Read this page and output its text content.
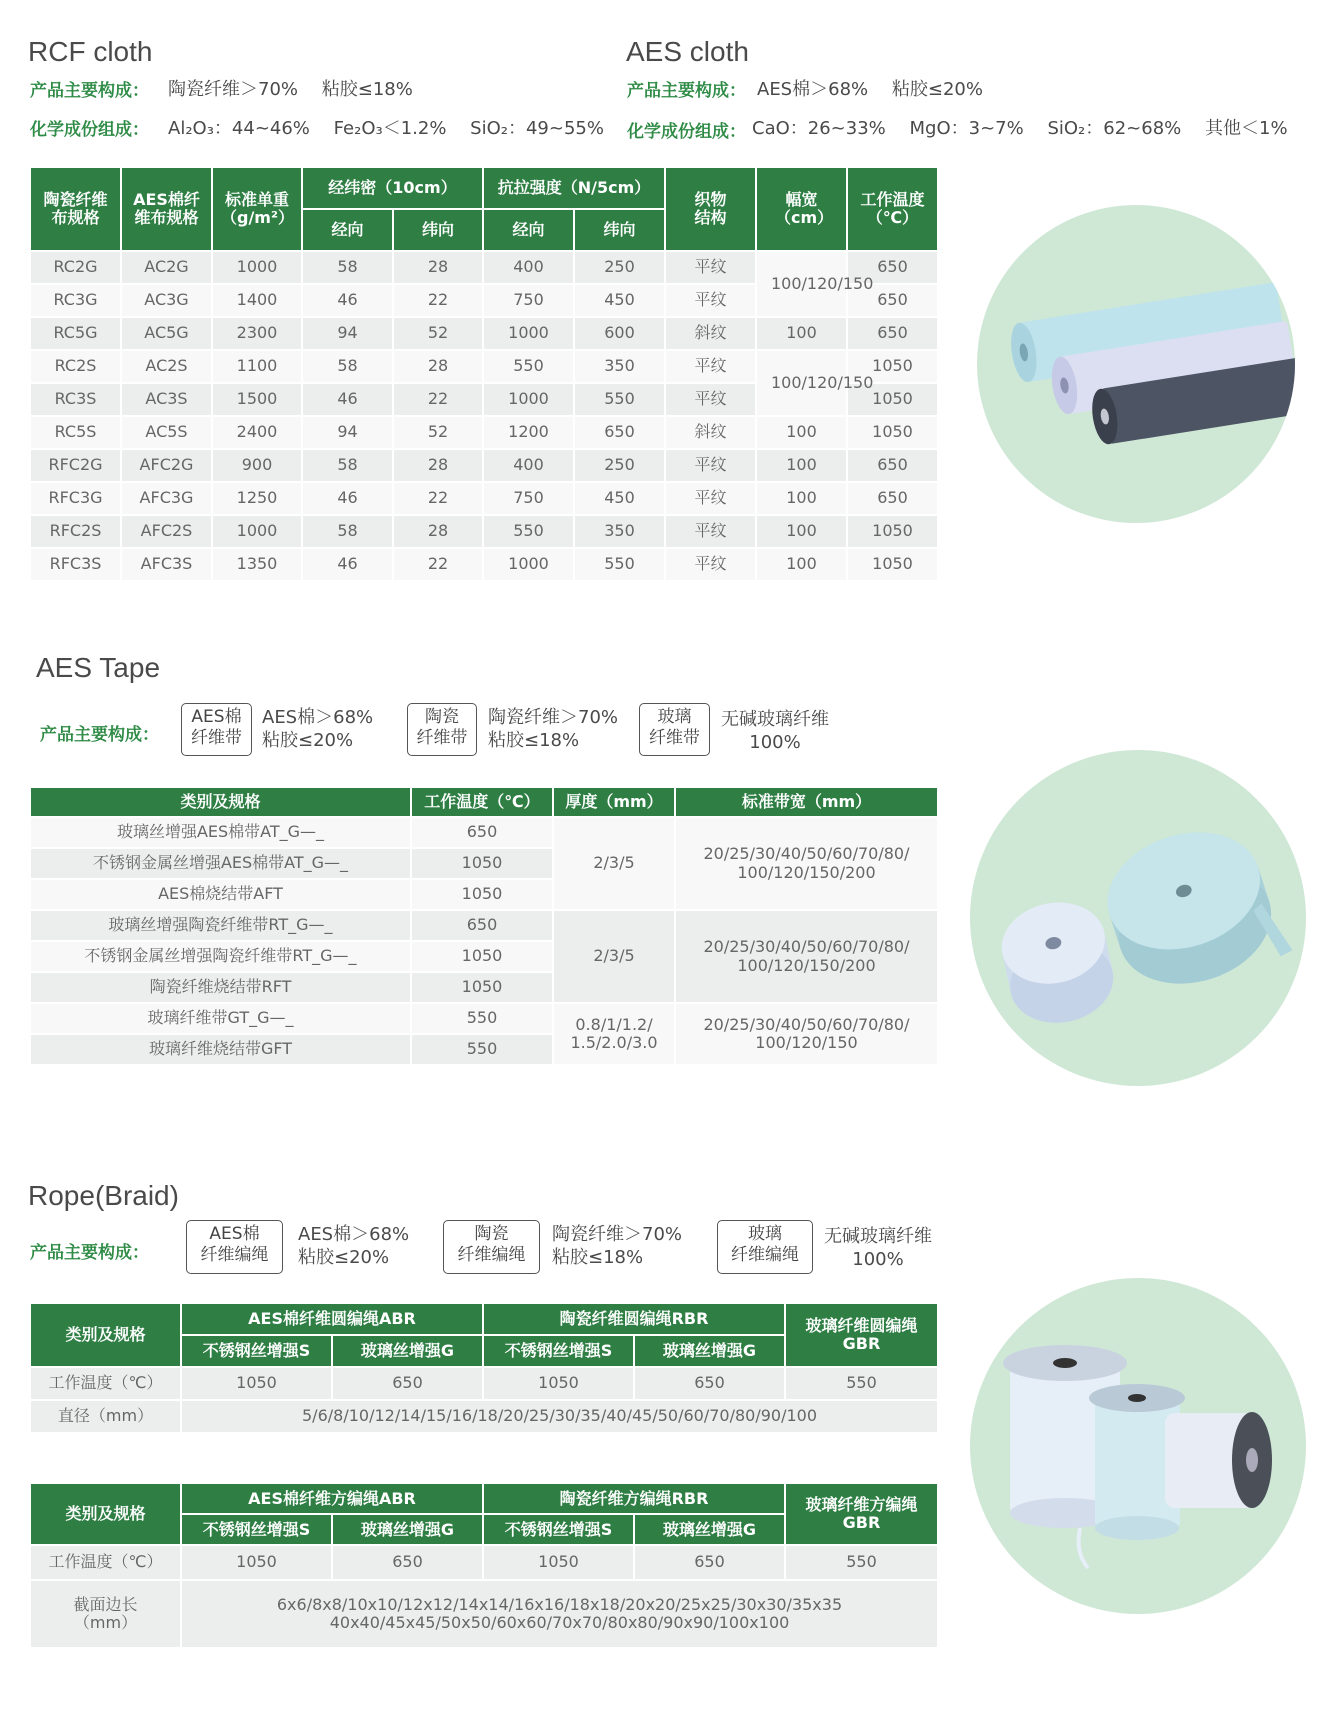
RCF cloth
产品主要构成： 陶瓷纤维＞70% 粘胶≤18%
化学成份组成： Al₂O₃：44~46% Fe₂O₃＜1.2% SiO₂：49~55%
AES cloth
产品主要构成： AES棉＞68% 粘胶≤20%
化学成份组成： CaO：26~33% MgO：3~7% SiO₂：62~68% 其他＜1%
陶瓷纤维布规格	AES棉纤维布规格	标准单重（g/m²）	经纬密（10cm）		抗拉强度（N/5cm）		织物结构	幅宽（cm）	工作温度（℃）
			经向	纬向	经向	纬向			
RC2G	AC2G	1000	58	28	400	250	平纹	100/120/150	650
RC3G	AC3G	1400	46	22	750	450	平纹		650
RC5G	AC5G	2300	94	52	1000	600	斜纹	100	650
RC2S	AC2S	1100	58	28	550	350	平纹	100/120/150	1050
RC3S	AC3S	1500	46	22	1000	550	平纹		1050
RC5S	AC5S	2400	94	52	1200	650	斜纹	100	1050
RFC2G	AFC2G	900	58	28	400	250	平纹	100	650
RFC3G	AFC3G	1250	46	22	750	450	平纹	100	650
RFC2S	AFC2S	1000	58	28	550	350	平纹	100	1050
RFC3S	AFC3S	1350	46	22	1000	550	平纹	100	1050
AES Tape
产品主要构成：
AES棉
纤维带
AES棉＞68%
粘胶≤20%
陶瓷
纤维带
陶瓷纤维＞70%
粘胶≤18%
玻璃
纤维带
无碱玻璃纤维
100%
类别及规格	工作温度（℃）	厚度（mm）	标准带宽（mm）
玻璃丝增强AES棉带AT_G—_	650	2/3/5	20/25/30/40/50/60/70/80/
100/120/150/200

不锈钢金属丝增强AES棉带AT_G—_	1050		
AES棉烧结带AFT	1050		
玻璃丝增强陶瓷纤维带RT_G—_	650	2/3/5	20/25/30/40/50/60/70/80/
100/120/150/200

不锈钢金属丝增强陶瓷纤维带RT_G—_	1050		
陶瓷纤维烧结带RFT	1050		
玻璃纤维带GT_G—_	550	0.8/1/1.2/
1.5/2.0/3.0	20/25/30/40/50/60/70/80/
100/120/150

玻璃纤维烧结带GFT	550		
Rope(Braid)
产品主要构成：
AES棉
纤维编绳
AES棉＞68%
粘胶≤20%
陶瓷
纤维编绳
陶瓷纤维＞70%
粘胶≤18%
玻璃
纤维编绳
无碱玻璃纤维
100%
类别及规格	AES棉纤维圆编绳ABR		陶瓷纤维圆编绳RBR		玻璃纤维圆编绳
GBR

	不锈钢丝增强S	玻璃丝增强G	不锈钢丝增强S	玻璃丝增强G	
工作温度（℃）	1050	650	1050	650	550
直径（mm）	5/6/8/10/12/14/15/16/18/20/25/30/35/40/45/50/60/70/80/90/100				
类别及规格	AES棉纤维方编绳ABR		陶瓷纤维方编绳RBR		玻璃纤维方编绳
GBR

	不锈钢丝增强S	玻璃丝增强G	不锈钢丝增强S	玻璃丝增强G	
工作温度（℃）	1050	650	1050	650	550

截面边长
（mm）	6x6/8x8/10x10/12x12/14x14/16x16/18x18/20x20/25x25/30x30/35x35
40x40/45x45/50x50/60x60/70x70/80x80/90x90/100x100				
